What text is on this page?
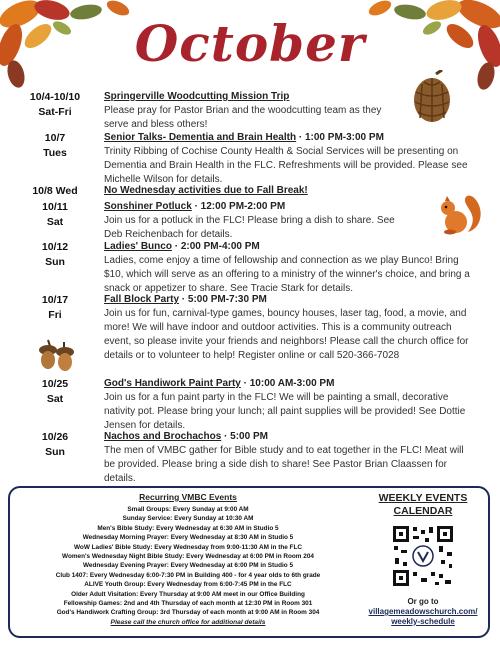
October
10/4-10/10
Sat-Fri
Springerville Woodcutting Mission Trip
Please pray for Pastor Brian and the woodcutting team as they serve and bless others!
10/7
Tues
Senior Talks- Dementia and Brain Health · 1:00 PM-3:00 PM
Trinity Ribbing of Cochise County Health & Social Services will be presenting on Dementia and Brain Health in the FLC. Refreshments will be provided. Please see Michelle Wilson for details.
10/8 Wed	No Wednesday activities due to Fall Break!
10/11
Sat
Sonshiner Potluck · 12:00 PM-2:00 PM
Join us for a potluck in the FLC! Please bring a dish to share. See Deb Reichenbach for details.
10/12
Sun
Ladies' Bunco · 2:00 PM-4:00 PM
Ladies, come enjoy a time of fellowship and connection as we play Bunco! Bring $10, which will serve as an offering to a ministry of the winner's choice, and bring a snack or appetizer to share. See Tracie Stark for details.
10/17
Fri
Fall Block Party · 5:00 PM-7:30 PM
Join us for fun, carnival-type games, bouncy houses, laser tag, food, a movie, and more! We will have indoor and outdoor activities. This is a community outreach event, so please invite your friends and neighbors! Please call the church office for details or to volunteer to help! Register online or call 520-366-7028
10/25
Sat
God's Handiwork Paint Party · 10:00 AM-3:00 PM
Join us for a fun paint party in the FLC! We will be painting a small, decorative nativity pot. Please bring your lunch; all paint supplies will be provided! See Dottie Jensen for details.
10/26
Sun
Nachos and Brochachos · 5:00 PM
The men of VMBC gather for Bible study and to eat together in the FLC! Meat will be provided. Please bring a side dish to share! See Pastor Brian Claassen for details.
Recurring VMBC Events
Small Groups: Every Sunday at 9:00 AM
Sunday Service: Every Sunday at 10:30 AM
Men's Bible Study: Every Wednesday at 6:30 AM in Studio 5
Wednesday Morning Prayer: Every Wednesday at 8:30 AM in Studio 5
WoW Ladies' Bible Study: Every Wednesday from 9:00-11:30 AM in the FLC
Women's Wednesday Night Bible Study: Every Wednesday at 6:00 PM in Room 204
Wednesday Evening Prayer: Every Wednesday at 6:00 PM in Studio 5
Club 1407: Every Wednesday 6:00-7:30 PM in Building 400 - for 4 year olds to 6th grade
ALIVE Youth Group: Every Wednesday from 6:00-7:45 PM in the FLC
Older Adult Visitation: Every Thursday at 9:00 AM meet in our Office Building
Fellowship Games: 2nd and 4th Thursday of each month at 12:30 PM in Room 301
God's Handiwork Crafting Group: 3rd Thursday of each month at 9:00 AM in Room 304
Please call the church office for additional details
WEEKLY EVENTS
CALENDAR
Or go to
villagemeadowschurch.com/
weekly-schedule
